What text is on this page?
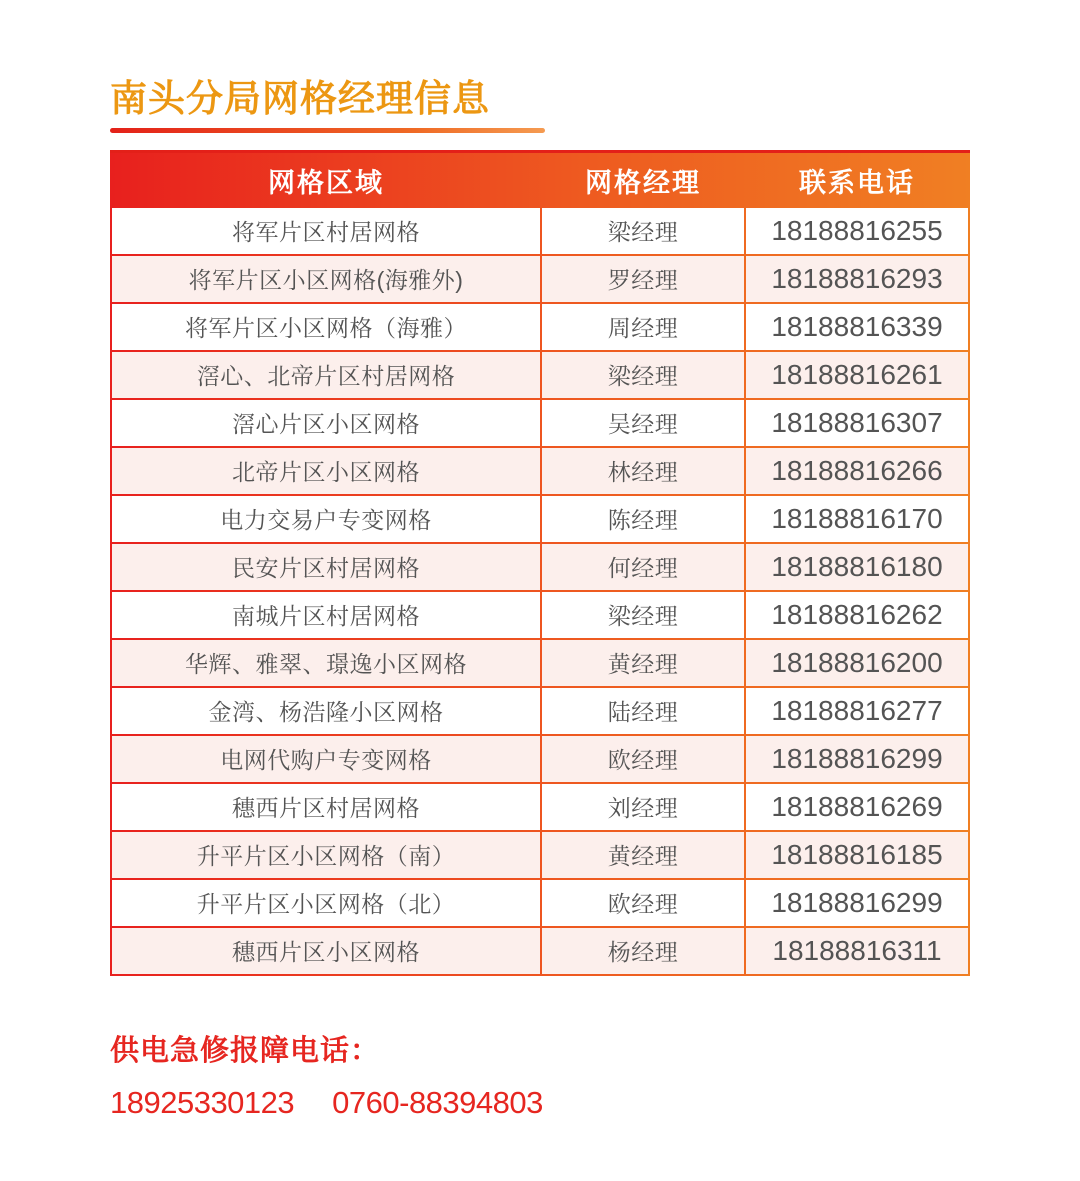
南头分局网格经理信息
网格区域	网格经理	联系电话
将军片区村居网格	梁经理	18188816255
将军片区小区网格(海雅外)	罗经理	18188816293
将军片区小区网格（海雅）	周经理	18188816339
滘心、北帝片区村居网格	梁经理	18188816261
滘心片区小区网格	吴经理	18188816307
北帝片区小区网格	林经理	18188816266
电力交易户专变网格	陈经理	18188816170
民安片区村居网格	何经理	18188816180
南城片区村居网格	梁经理	18188816262
华辉、雅翠、璟逸小区网格	黄经理	18188816200
金湾、杨浩隆小区网格	陆经理	18188816277
电网代购户专变网格	欧经理	18188816299
穗西片区村居网格	刘经理	18188816269
升平片区小区网格（南）	黄经理	18188816185
升平片区小区网格（北）	欧经理	18188816299
穗西片区小区网格	杨经理	18188816311
供电急修报障电话：
18925330123 0760-88394803
